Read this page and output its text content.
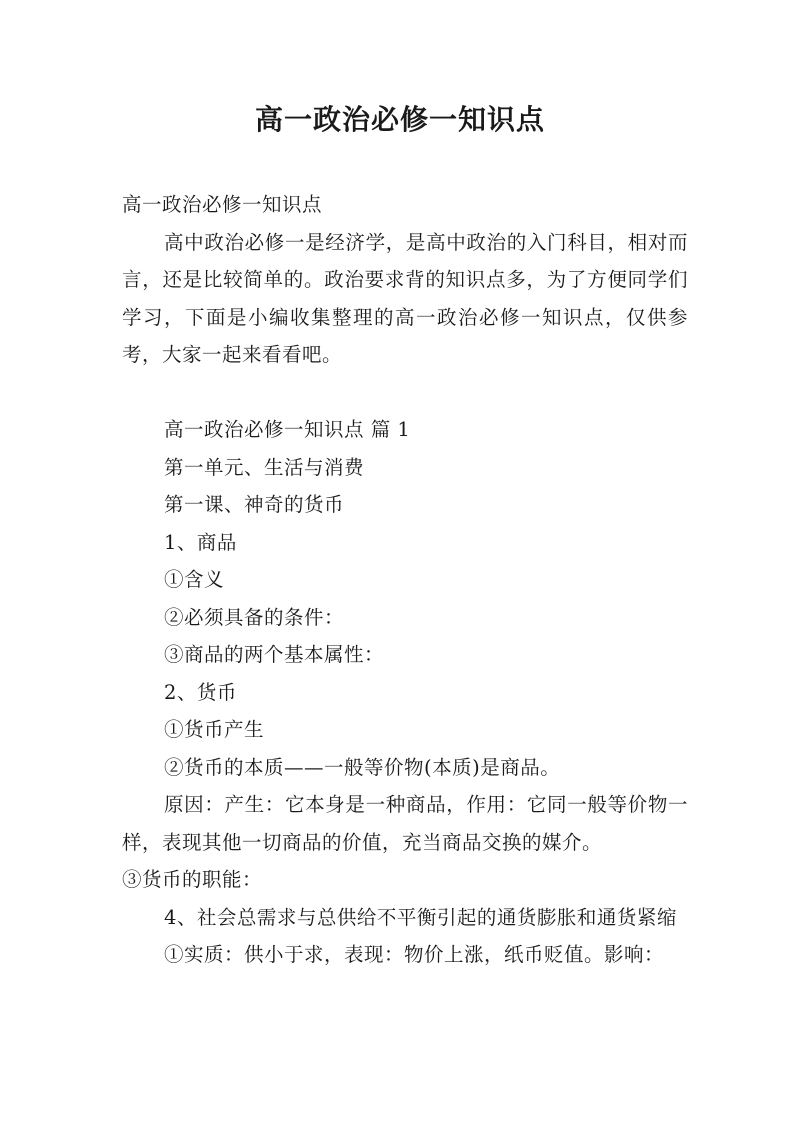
高一政治必修一知识点

高一政治必修一知识点

高中政治必修一是经济学，是高中政治的入门科目，相对而言，还是比较简单的。政治要求背的知识点多，为了方便同学们学习，下面是小编收集整理的高一政治必修一知识点，仅供参考，大家一起来看看吧。

高一政治必修一知识点 篇 1

第一单元、生活与消费

第一课、神奇的货币

1、商品

①含义

②必须具备的条件：

③商品的两个基本属性：

2、货币

①货币产生

②货币的本质——一般等价物(本质)是商品。

原因：产生：它本身是一种商品，作用：它同一般等价物一样，表现其他一切商品的价值，充当商品交换的媒介。

③货币的职能：

4、社会总需求与总供给不平衡引起的通货膨胀和通货紧缩

①实质：供小于求，表现：物价上涨，纸币贬值。影响：
